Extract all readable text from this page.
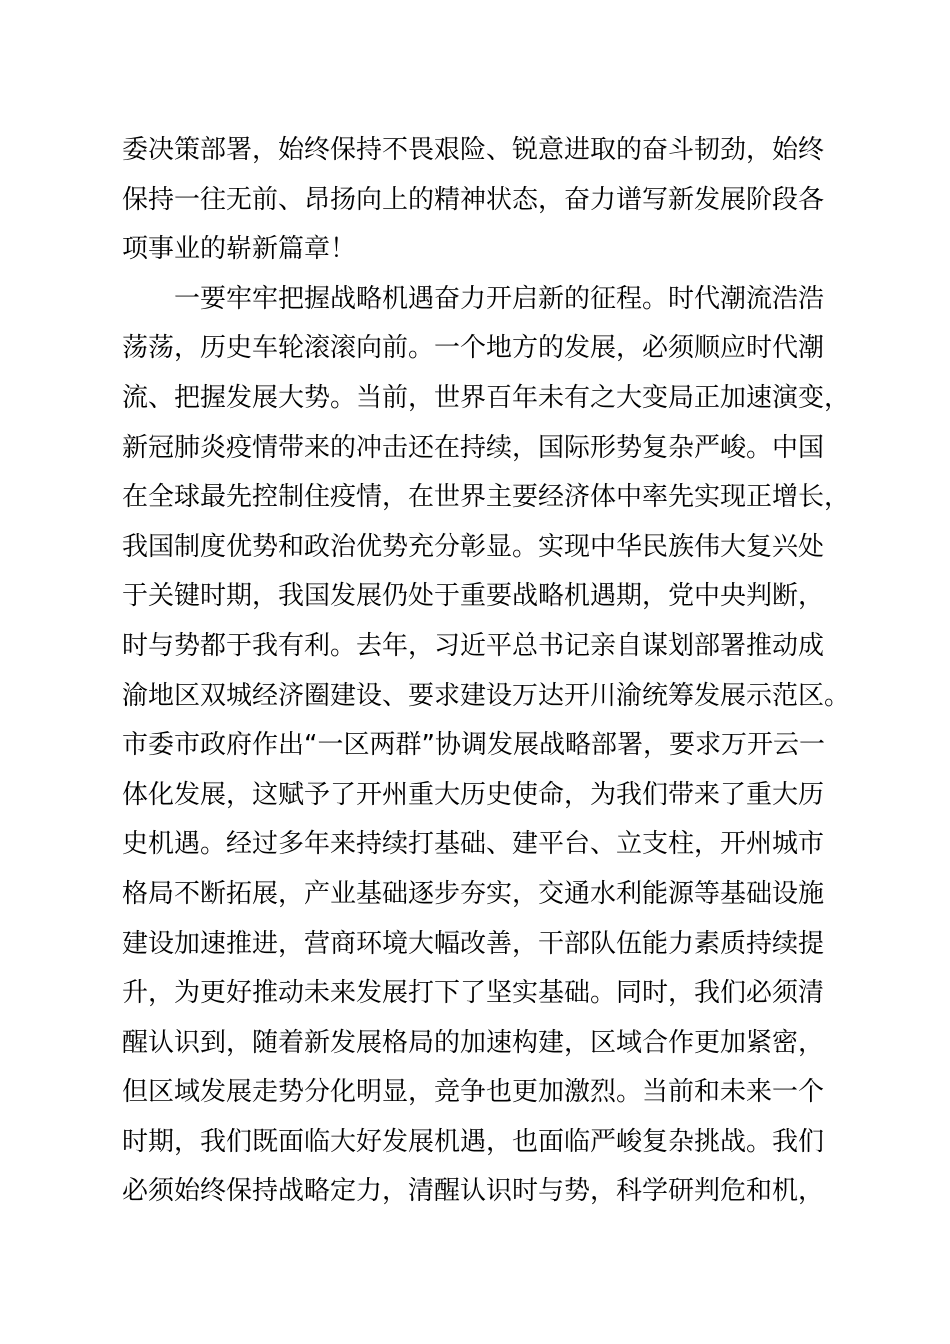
委决策部署，始终保持不畏艰险、锐意进取的奋斗韧劲，始终
保持一往无前、昂扬向上的精神状态，奋力谱写新发展阶段各
项事业的崭新篇章！
一要牢牢把握战略机遇奋力开启新的征程。时代潮流浩浩
荡荡，历史车轮滚滚向前。一个地方的发展，必须顺应时代潮
流、把握发展大势。当前，世界百年未有之大变局正加速演变，
新冠肺炎疫情带来的冲击还在持续，国际形势复杂严峻。中国
在全球最先控制住疫情，在世界主要经济体中率先实现正增长，
我国制度优势和政治优势充分彰显。实现中华民族伟大复兴处
于关键时期，我国发展仍处于重要战略机遇期，党中央判断，
时与势都于我有利。去年，习近平总书记亲自谋划部署推动成
渝地区双城经济圈建设、要求建设万达开川渝统筹发展示范区。
市委市政府作出“一区两群”协调发展战略部署，要求万开云一
体化发展，这赋予了开州重大历史使命，为我们带来了重大历
史机遇。经过多年来持续打基础、建平台、立支柱，开州城市
格局不断拓展，产业基础逐步夯实，交通水利能源等基础设施
建设加速推进，营商环境大幅改善，干部队伍能力素质持续提
升，为更好推动未来发展打下了坚实基础。同时，我们必须清
醒认识到，随着新发展格局的加速构建，区域合作更加紧密，
但区域发展走势分化明显，竞争也更加激烈。当前和未来一个
时期，我们既面临大好发展机遇，也面临严峻复杂挑战。我们
必须始终保持战略定力，清醒认识时与势，科学研判危和机，
